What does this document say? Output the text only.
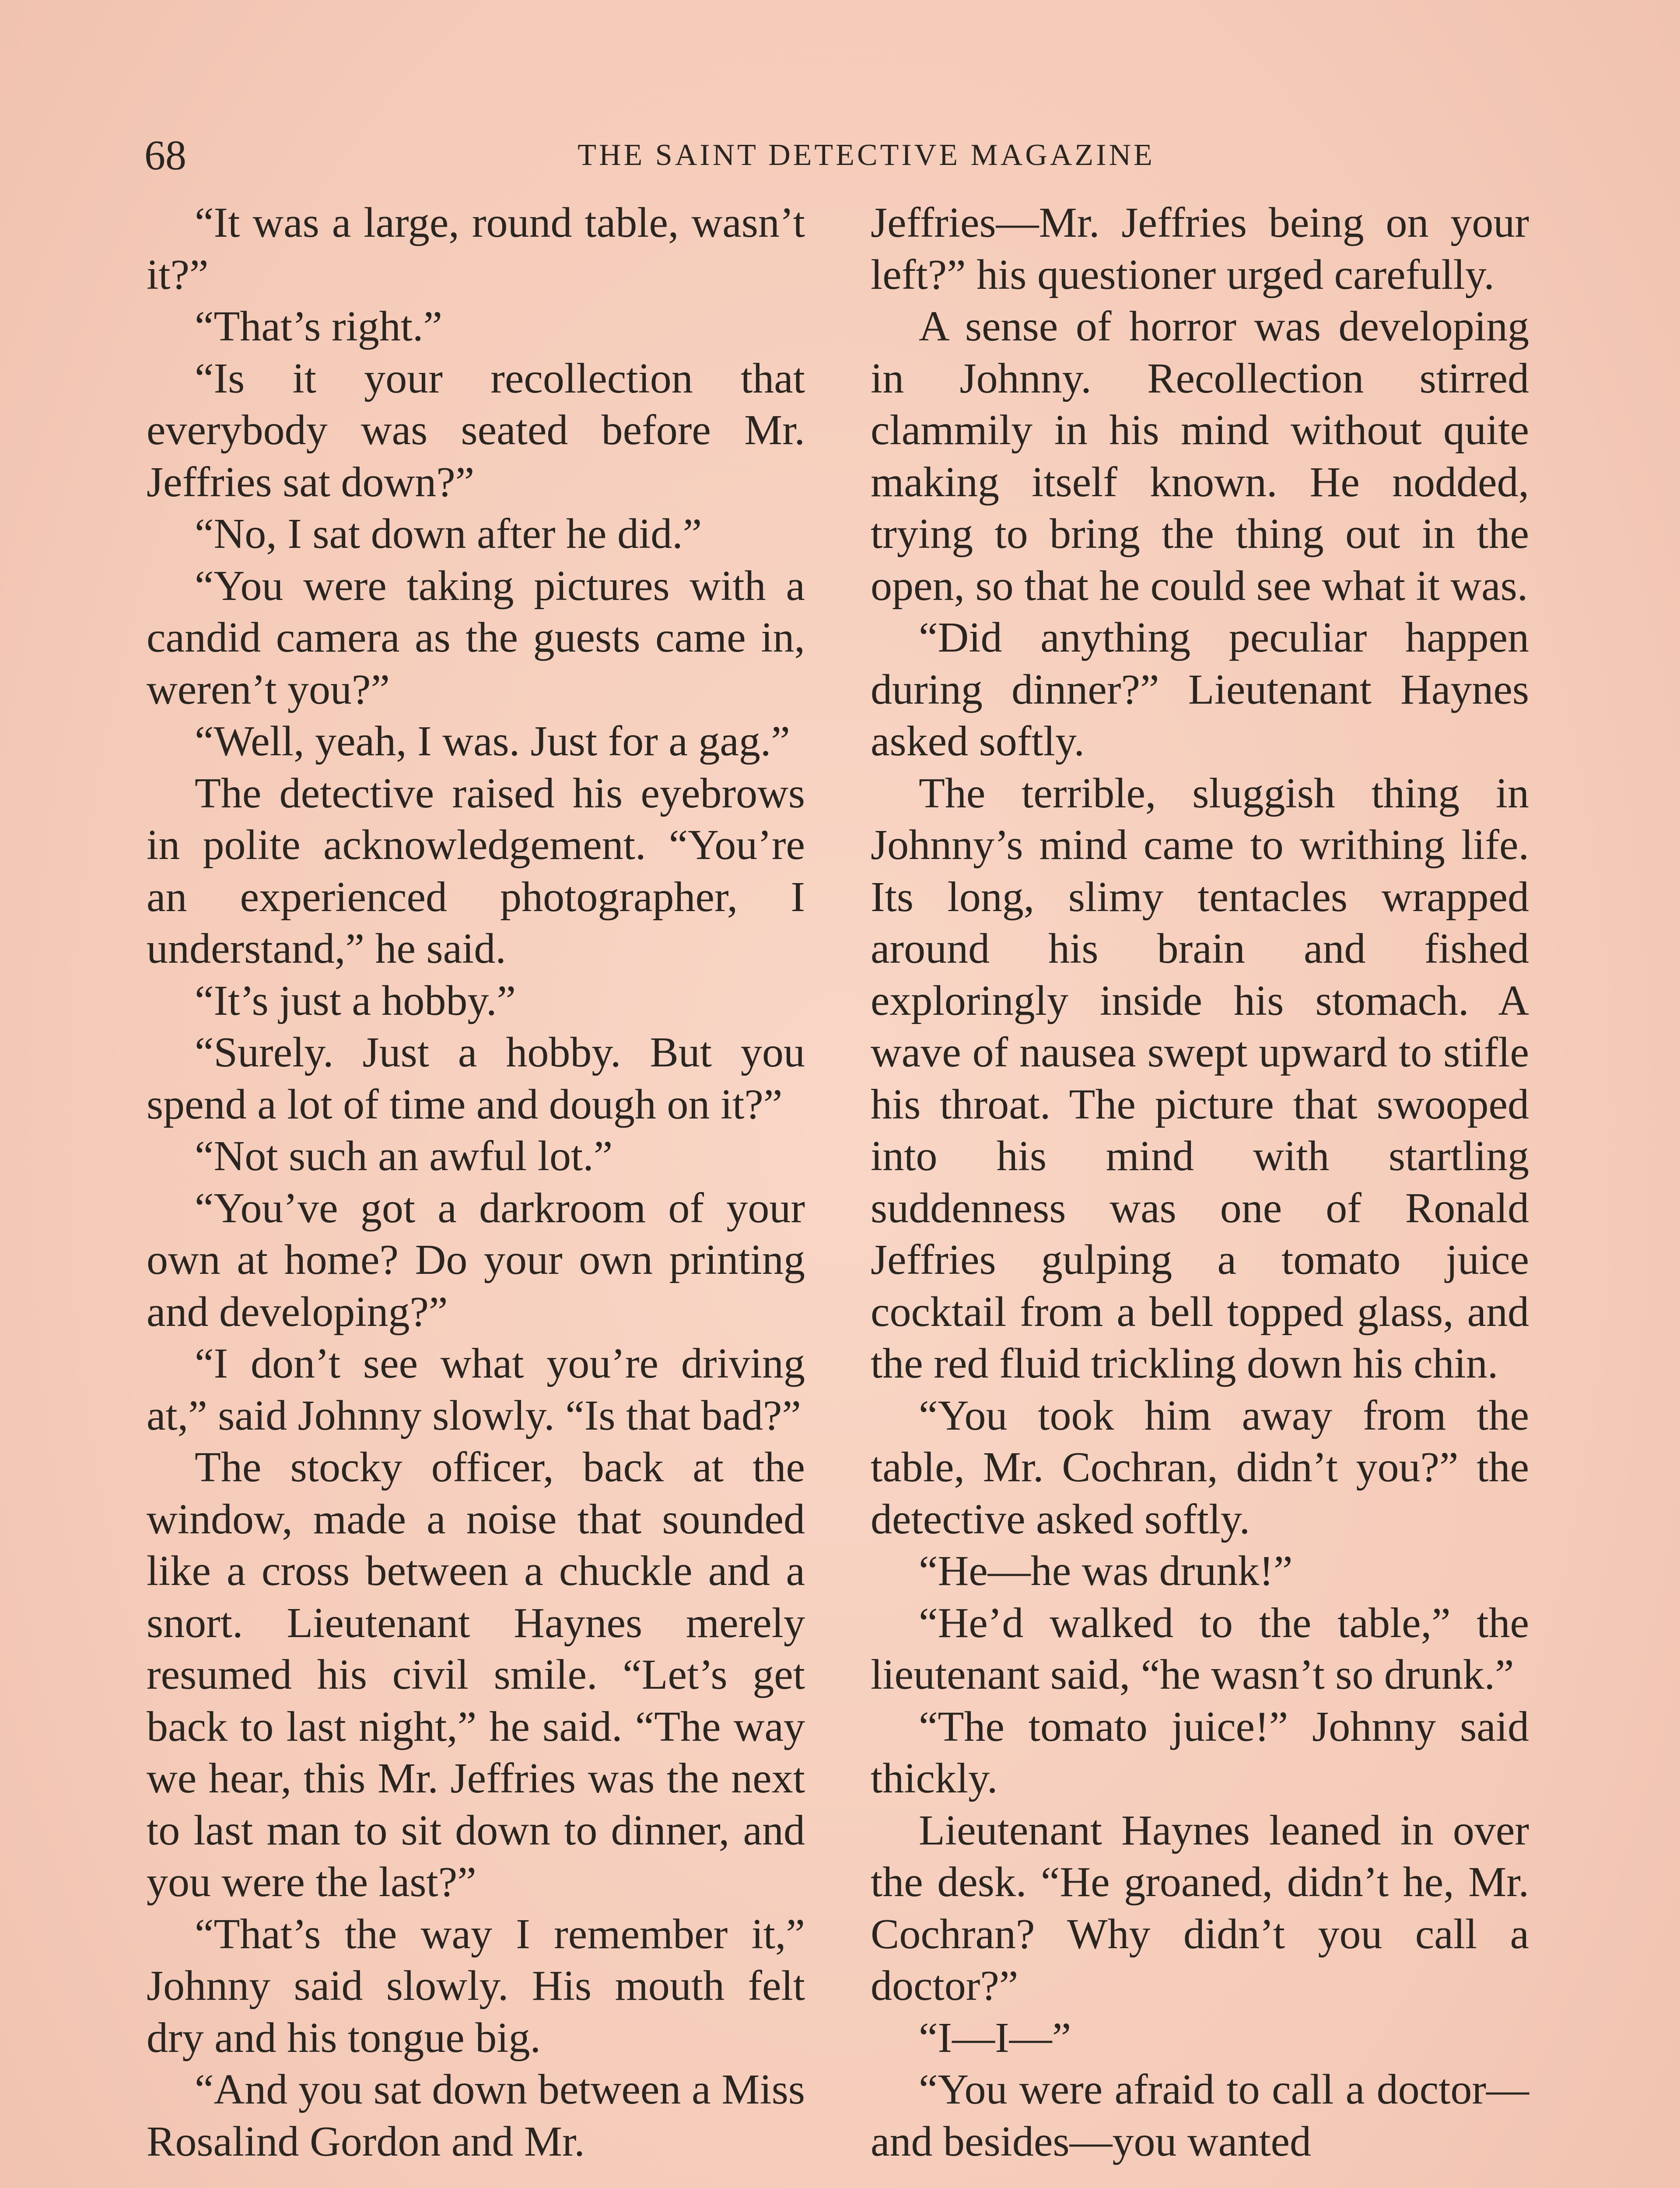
68	THE SAINT DETECTIVE MAGAZINE

“It was a large, round table, wasn’t it?”

“That’s right.”

“Is it your recollection that everybody was seated before Mr. Jeffries sat down?”

“No, I sat down after he did.”

“You were taking pictures with a candid camera as the guests came in, weren’t you?”

“Well, yeah, I was. Just for a gag.”

The detective raised his eyebrows in polite acknowledgement. “You’re an experienced photographer, I understand,” he said.

“It’s just a hobby.”

“Surely. Just a hobby. But you spend a lot of time and dough on it?”

“Not such an awful lot.”

“You’ve got a darkroom of your own at home? Do your own printing and developing?”

“I don’t see what you’re driving at,” said Johnny slowly. “Is that bad?”

The stocky officer, back at the window, made a noise that sounded like a cross between a chuckle and a snort. Lieutenant Haynes merely resumed his civil smile. “Let’s get back to last night,” he said. “The way we hear, this Mr. Jeffries was the next to last man to sit down to dinner, and you were the last?”

“That’s the way I remember it,” Johnny said slowly. His mouth felt dry and his tongue big.

“And you sat down between a Miss Rosalind Gordon and Mr.

Jeffries—Mr. Jeffries being on your left?” his questioner urged carefully.

A sense of horror was developing in Johnny. Recollection stirred clammily in his mind without quite making itself known. He nodded, trying to bring the thing out in the open, so that he could see what it was.

“Did anything peculiar happen during dinner?” Lieutenant Haynes asked softly.

The terrible, sluggish thing in Johnny’s mind came to writhing life. Its long, slimy tentacles wrapped around his brain and fished exploringly inside his stomach. A wave of nausea swept upward to stifle his throat. The picture that swooped into his mind with startling suddenness was one of Ronald Jeffries gulping a tomato juice cocktail from a bell topped glass, and the red fluid trickling down his chin.

“You took him away from the table, Mr. Cochran, didn’t you?” the detective asked softly.

“He—he was drunk!”

“He’d walked to the table,” the lieutenant said, “he wasn’t so drunk.”

“The tomato juice!” Johnny said thickly.

Lieutenant Haynes leaned in over the desk. “He groaned, didn’t he, Mr. Cochran? Why didn’t you call a doctor?”

“I—I—”

“You were afraid to call a doctor—and besides—you wanted
